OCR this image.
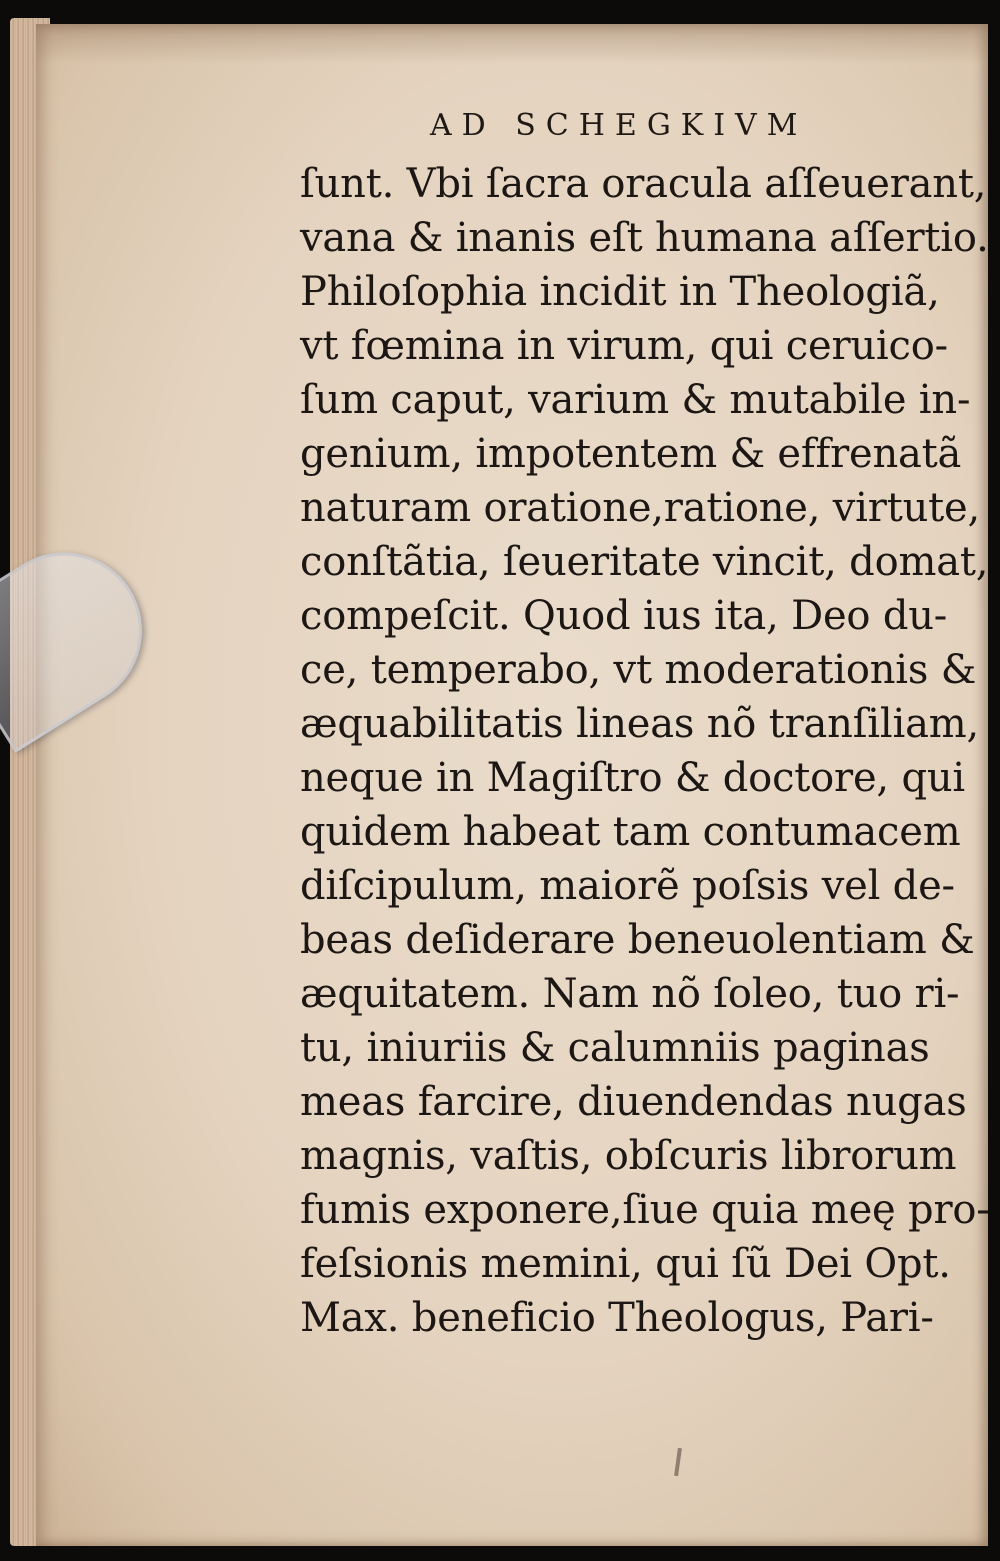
AD SCHEGKIVM
ſunt. Vbi ſacra oracula aſſeuerant,
vana & inanis eſt humana aſſertio.
Philoſophia incidit in Theologiã,
vt fœmina in virum, qui ceruico-
ſum caput, varium & mutabile in-
genium, impotentem & effrenatã
naturam oratione,ratione, virtute,
conſtãtia, ſeueritate vincit, domat,
compeſcit. Quod ius ita, Deo du-
ce, temperabo, vt moderationis &
æquabilitatis lineas nõ tranſiliam,
neque in Magiſtro & doctore, qui
quidem habeat tam contumacem
diſcipulum, maiorẽ poſsis vel de-
beas deſiderare beneuolentiam &
æquitatem. Nam nõ ſoleo, tuo ri-
tu, iniuriis & calumniis paginas
meas farcire, diuendendas nugas
magnis, vaſtis, obſcuris librorum
fumis exponere,ſiue quia meę pro-
feſsionis memini, qui ſũ Dei Opt.
Max. beneficio Theologus, Pari-
